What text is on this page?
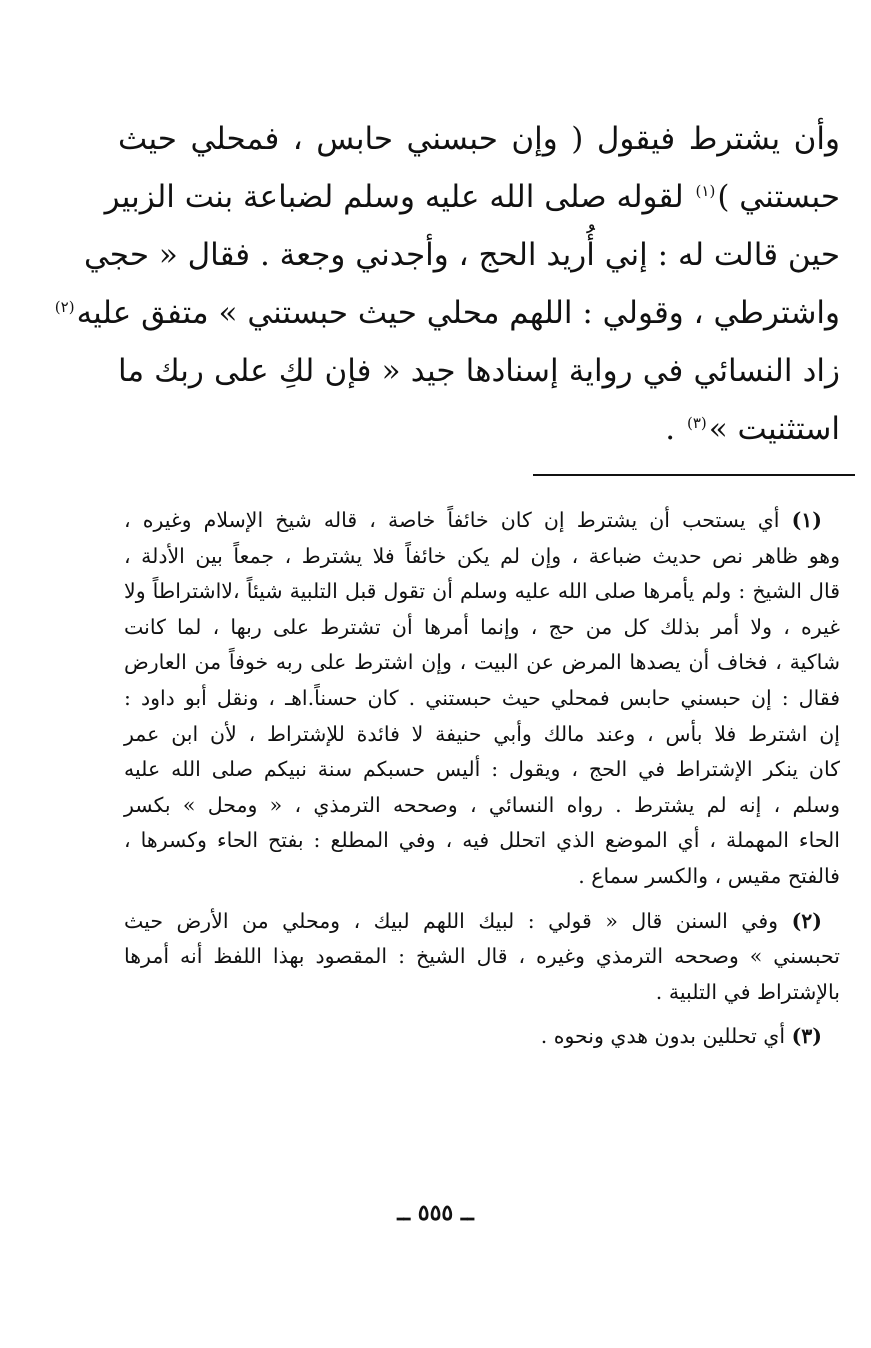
وأن يشترط فيقول ( وإن حبسني حابس ، فمحلي حيث
حبستني )$^{(١)}$ لقوله صلى الله عليه وسلم لضباعة بنت الزبير
حين قالت له : إني أُريد الحج ، وأجدني وجعة . فقال « حجي
واشترطي ، وقولي : اللهم محلي حيث حبستني » متفق عليه$^{(٢)}$
زاد النسائي في رواية إسنادها جيد « فإن لكِ على ربك ما
استثنيت »$^{(٣)}$ .
(١) أي يستحب أن يشترط إن كان خائفاً خاصة ، قاله شيخ الإسلام وغيره ،
وهو ظاهر نص حديث ضباعة ، وإن لم يكن خائفاً فلا يشترط ، جمعاً بين الأدلة ،
قال الشيخ : ولم يأمرها صلى الله عليه وسلم أن تقول قبل التلبية شيئاً ،لااشتراطاً ولا
غيره ، ولا أمر بذلك كل من حج ، وإنما أمرها أن تشترط على ربها ، لما كانت
شاكية ، فخاف أن يصدها المرض عن البيت ، وإن اشترط على ربه خوفاً من العارض
فقال : إن حبسني حابس فمحلي حيث حبستني . كان حسناً.اهـ ، ونقل أبو داود :
إن اشترط فلا بأس ، وعند مالك وأبي حنيفة لا فائدة للإشتراط ، لأن ابن عمر
كان ينكر الإشتراط في الحج ، ويقول : أليس حسبكم سنة نبيكم صلى الله عليه
وسلم ، إنه لم يشترط . رواه النسائي ، وصححه الترمذي ، « ومحل » بكسر
الحاء المهملة ، أي الموضع الذي اتحلل فيه ، وفي المطلع : بفتح الحاء وكسرها ،
فالفتح مقيس ، والكسر سماع .
(٢) وفي السنن قال « قولي : لبيك اللهم لبيك ، ومحلي من الأرض حيث
تحبسني » وصححه الترمذي وغيره ، قال الشيخ : المقصود بهذا اللفظ أنه أمرها
بالإشتراط في التلبية .
(٣) أي تحللين بدون هدي ونحوه .
ــ ٥٥٥ ــ
